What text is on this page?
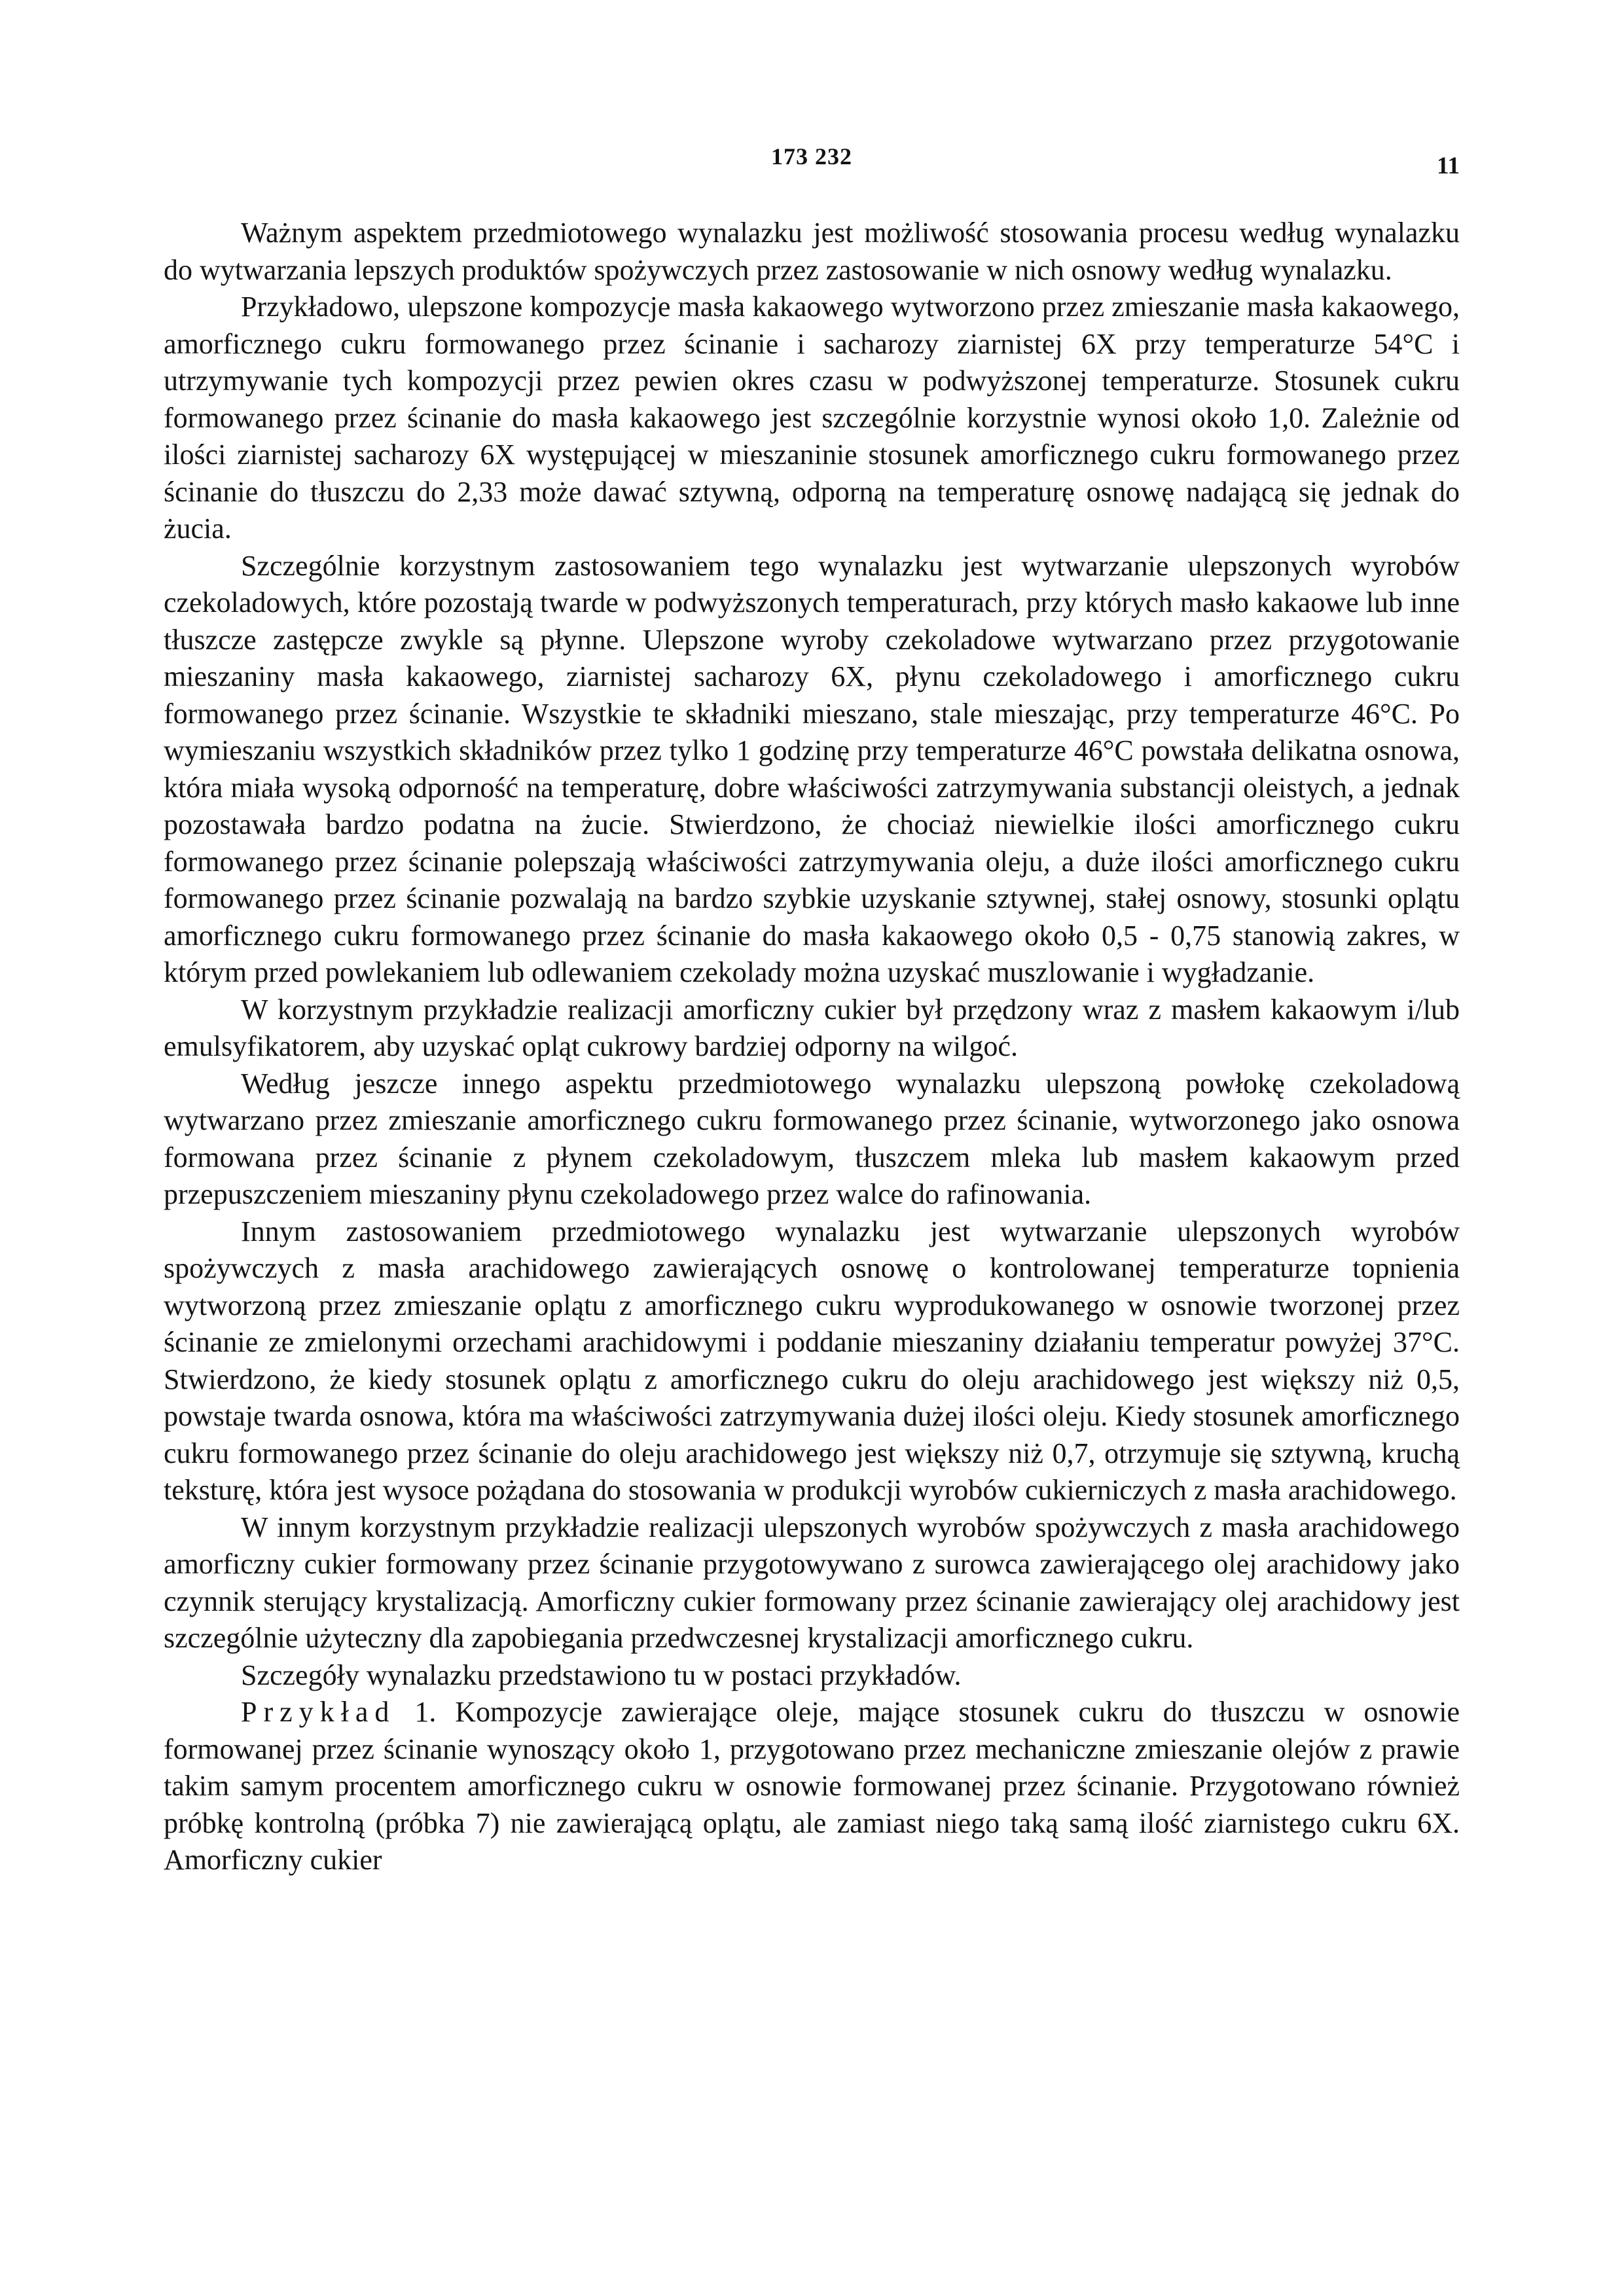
173 232	11

Ważnym aspektem przedmiotowego wynalazku jest możliwość stosowania procesu według wynalazku do wytwarzania lepszych produktów spożywczych przez zastosowanie w nich osnowy według wynalazku.

Przykładowo, ulepszone kompozycje masła kakaowego wytworzono przez zmieszanie masła kakaowego, amorficznego cukru formowanego przez ścinanie i sacharozy ziarnistej 6X przy temperaturze 54°C i utrzymywanie tych kompozycji przez pewien okres czasu w podwyższonej temperaturze. Stosunek cukru formowanego przez ścinanie do masła kakaowego jest szczególnie korzystnie wynosi około 1,0. Zależnie od ilości ziarnistej sacharozy 6X występującej w mieszaninie stosunek amorficznego cukru formowanego przez ścinanie do tłuszczu do 2,33 może dawać sztywną, odporną na temperaturę osnowę nadającą się jednak do żucia.

Szczególnie korzystnym zastosowaniem tego wynalazku jest wytwarzanie ulepszonych wyrobów czekoladowych, które pozostają twarde w podwyższonych temperaturach, przy których masło kakaowe lub inne tłuszcze zastępcze zwykle są płynne. Ulepszone wyroby czekoladowe wytwarzano przez przygotowanie mieszaniny masła kakaowego, ziarnistej sacharozy 6X, płynu czekoladowego i amorficznego cukru formowanego przez ścinanie. Wszystkie te składniki mieszano, stale mieszając, przy temperaturze 46°C. Po wymieszaniu wszystkich składników przez tylko 1 godzinę przy temperaturze 46°C powstała delikatna osnowa, która miała wysoką odporność na temperaturę, dobre właściwości zatrzymywania substancji oleistych, a jednak pozostawała bardzo podatna na żucie. Stwierdzono, że chociaż niewielkie ilości amorficznego cukru formowanego przez ścinanie polepszają właściwości zatrzymywania oleju, a duże ilości amorficznego cukru formowanego przez ścinanie pozwalają na bardzo szybkie uzyskanie sztywnej, stałej osnowy, stosunki oplątu amorficznego cukru formowanego przez ścinanie do masła kakaowego około 0,5 - 0,75 stanowią zakres, w którym przed powlekaniem lub odlewaniem czekolady można uzyskać muszlowanie i wygładzanie.

W korzystnym przykładzie realizacji amorficzny cukier był przędzony wraz z masłem kakaowym i/lub emulsyfikatorem, aby uzyskać opląt cukrowy bardziej odporny na wilgoć.

Według jeszcze innego aspektu przedmiotowego wynalazku ulepszoną powłokę czekoladową wytwarzano przez zmieszanie amorficznego cukru formowanego przez ścinanie, wytworzonego jako osnowa formowana przez ścinanie z płynem czekoladowym, tłuszczem mleka lub masłem kakaowym przed przepuszczeniem mieszaniny płynu czekoladowego przez walce do rafinowania.

Innym zastosowaniem przedmiotowego wynalazku jest wytwarzanie ulepszonych wyrobów spożywczych z masła arachidowego zawierających osnowę o kontrolowanej temperaturze topnienia wytworzoną przez zmieszanie oplątu z amorficznego cukru wyprodukowanego w osnowie tworzonej przez ścinanie ze zmielonymi orzechami arachidowymi i poddanie mieszaniny działaniu temperatur powyżej 37°C. Stwierdzono, że kiedy stosunek oplątu z amorficznego cukru do oleju arachidowego jest większy niż 0,5, powstaje twarda osnowa, która ma właściwości zatrzymywania dużej ilości oleju. Kiedy stosunek amorficznego cukru formowanego przez ścinanie do oleju arachidowego jest większy niż 0,7, otrzymuje się sztywną, kruchą teksturę, która jest wysoce pożądana do stosowania w produkcji wyrobów cukierniczych z masła arachidowego.

W innym korzystnym przykładzie realizacji ulepszonych wyrobów spożywczych z masła arachidowego amorficzny cukier formowany przez ścinanie przygotowywano z surowca zawierającego olej arachidowy jako czynnik sterujący krystalizacją. Amorficzny cukier formowany przez ścinanie zawierający olej arachidowy jest szczególnie użyteczny dla zapobiegania przedwczesnej krystalizacji amorficznego cukru.

Szczegóły wynalazku przedstawiono tu w postaci przykładów.

Przykład 1. Kompozycje zawierające oleje, mające stosunek cukru do tłuszczu w osnowie formowanej przez ścinanie wynoszący około 1, przygotowano przez mechaniczne zmieszanie olejów z prawie takim samym procentem amorficznego cukru w osnowie formowanej przez ścinanie. Przygotowano również próbkę kontrolną (próbka 7) nie zawierającą oplątu, ale zamiast niego taką samą ilość ziarnistego cukru 6X. Amorficzny cukier
